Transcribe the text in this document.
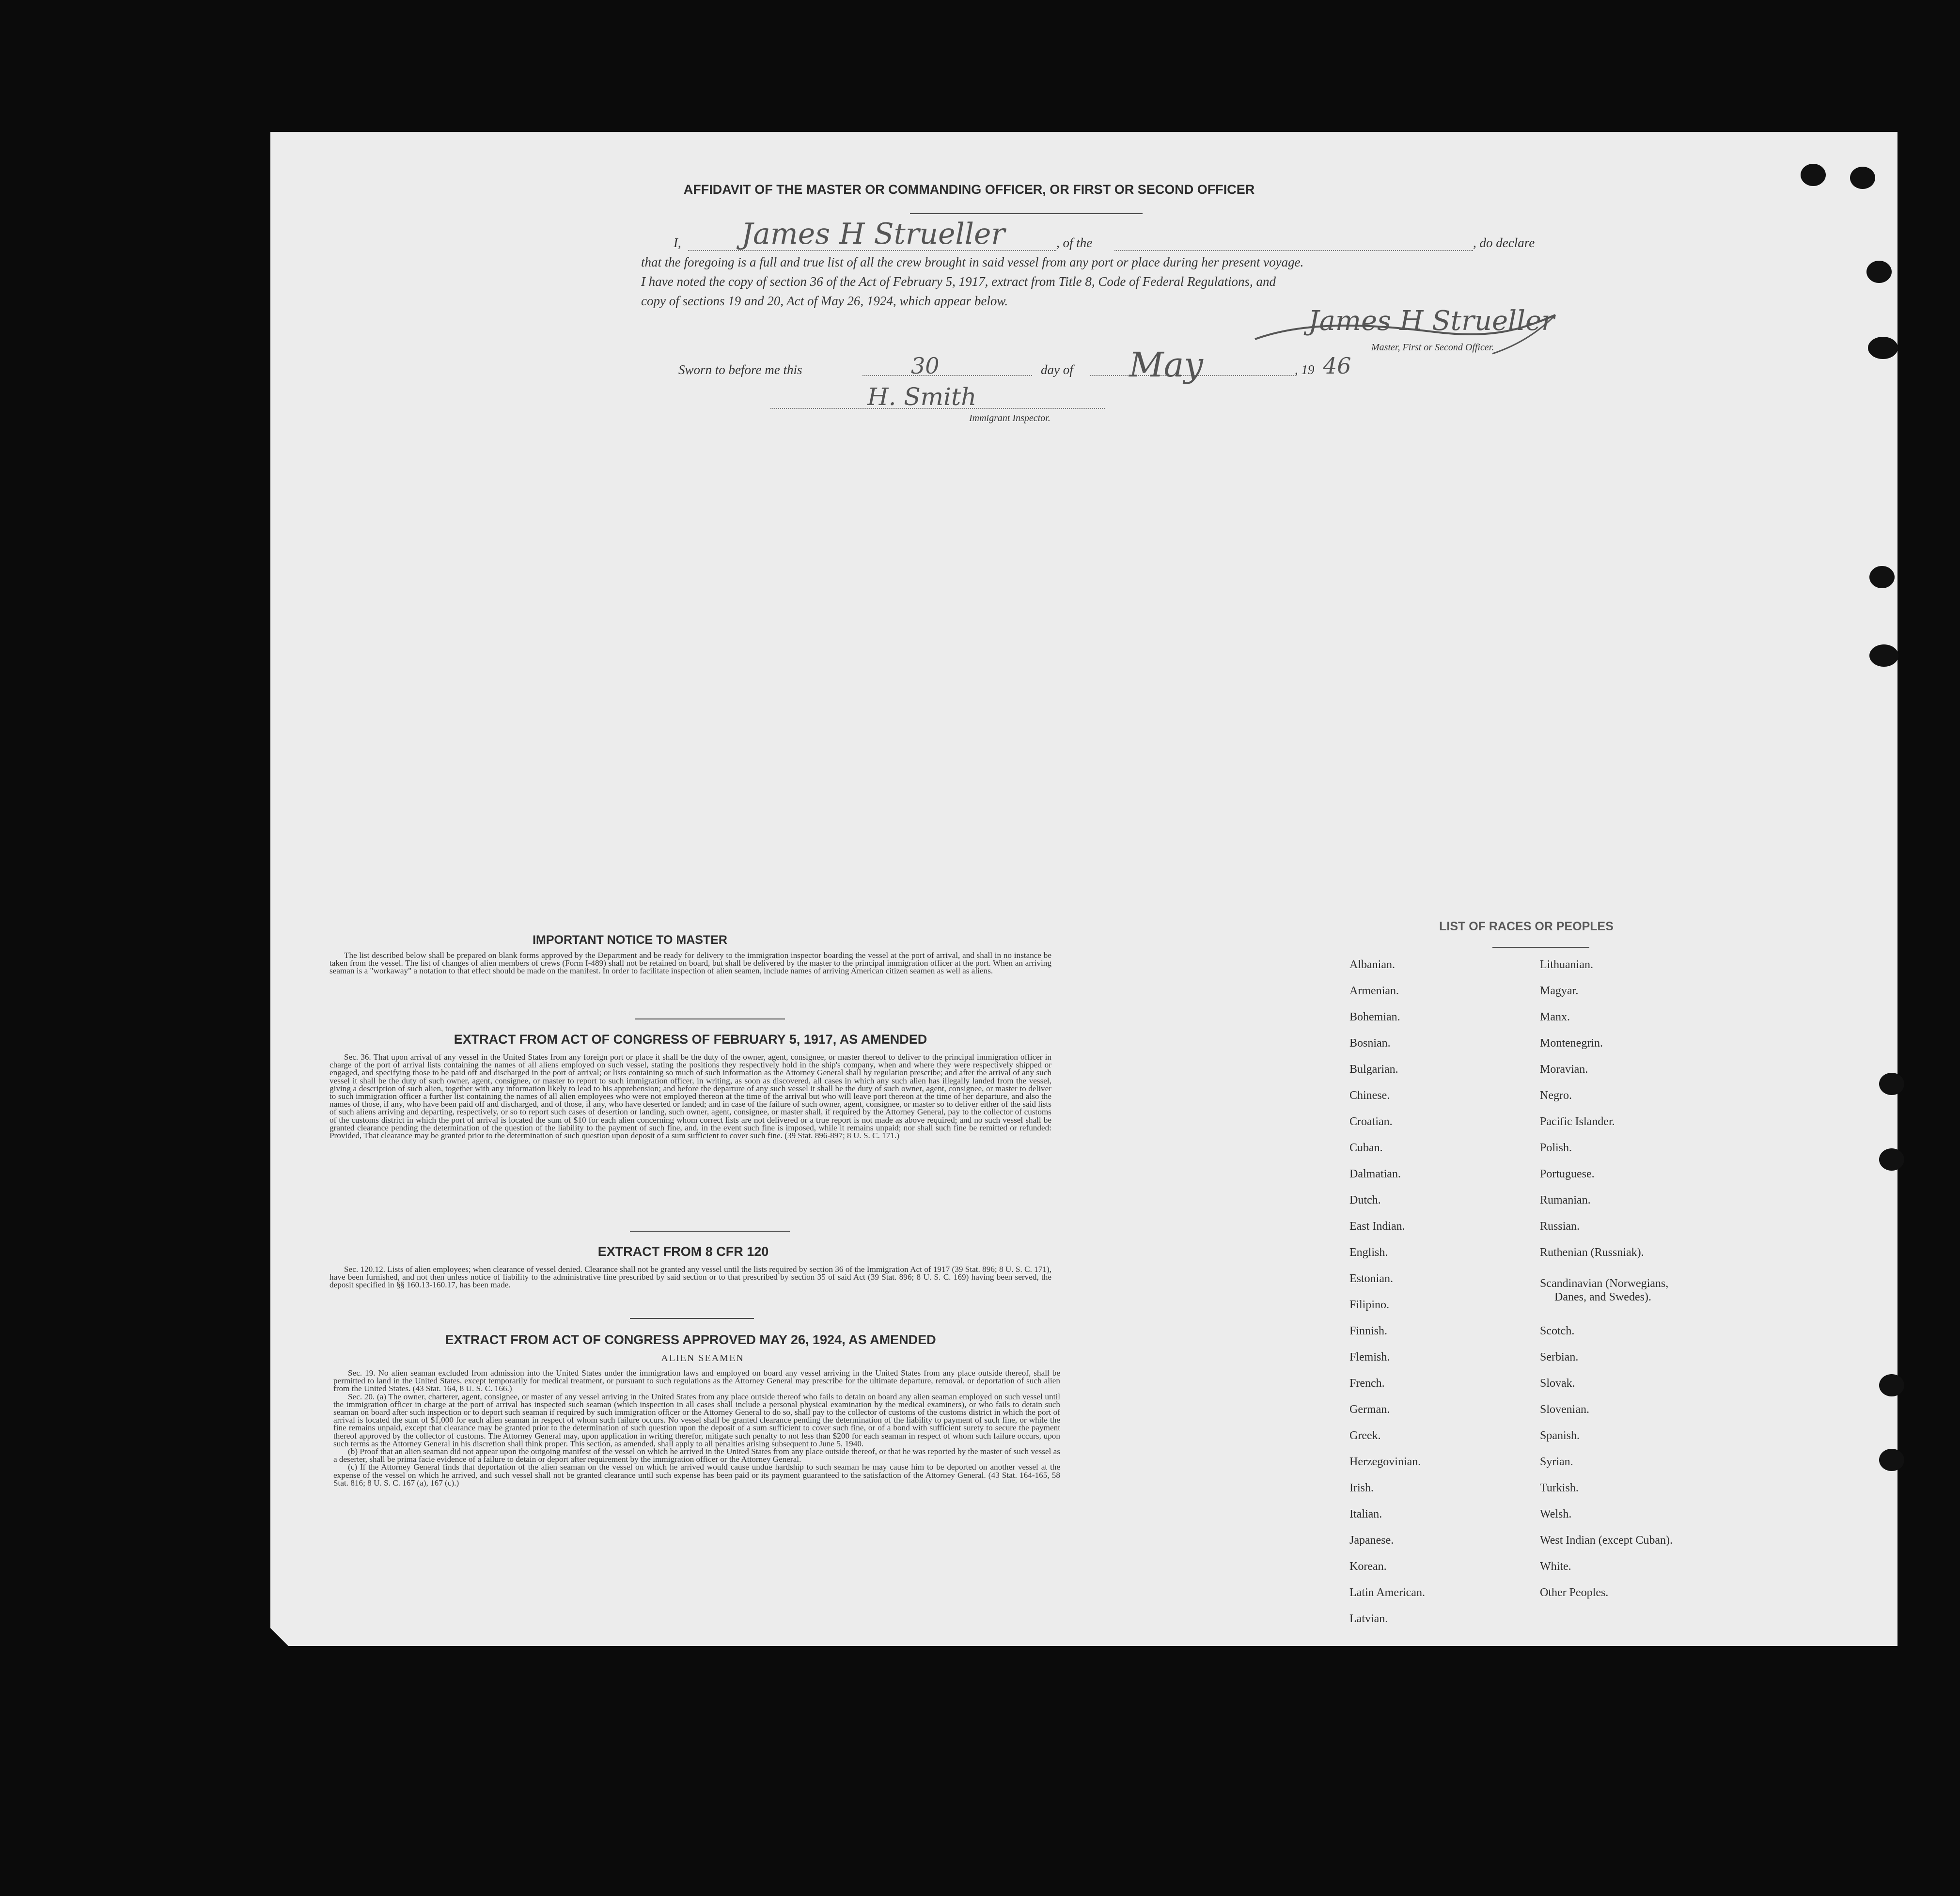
AFFIDAVIT OF THE MASTER OR COMMANDING OFFICER, OR FIRST OR SECOND OFFICER
I, James H Strueller	, of the	, do declare
that the foregoing is a full and true list of all the crew brought in said vessel from any port or place during her present voyage.
I have noted the copy of section 36 of the Act of February 5, 1917, extract from Title 8, Code of Federal Regulations, and
copy of sections 19 and 20, Act of May 26, 1924, which appear below.
James H Strueller
Master, First or Second Officer.
Sworn to before me this	30	day of May	, 19 46
H. Smith
Immigrant Inspector.
IMPORTANT NOTICE TO MASTER

The list described below shall be prepared on blank forms approved by the Department and be ready for delivery to the immigration inspector boarding the vessel at the port of arrival, and shall in no instance be taken from the vessel. The list of changes of alien members of crews (Form I-489) shall not be retained on board, but shall be delivered by the master to the principal immigration officer at the port. When an arriving seaman is a "workaway" a notation to that effect should be made on the manifest. In order to facilitate inspection of alien seamen, include names of arriving American citizen seamen as well as aliens.

EXTRACT FROM ACT OF CONGRESS OF FEBRUARY 5, 1917, AS AMENDED

Sec. 36. That upon arrival of any vessel in the United States from any foreign port or place it shall be the duty of the owner, agent, consignee, or master thereof to deliver to the principal immigration officer in charge of the port of arrival lists containing the names of all aliens employed on such vessel, stating the positions they respectively hold in the ship's company, when and where they were respectively shipped or engaged, and specifying those to be paid off and discharged in the port of arrival; or lists containing so much of such information as the Attorney General shall by regulation prescribe; and after the arrival of any such vessel it shall be the duty of such owner, agent, consignee, or master to report to such immigration officer, in writing, as soon as discovered, all cases in which any such alien has illegally landed from the vessel, giving a description of such alien, together with any information likely to lead to his apprehension; and before the departure of any such vessel it shall be the duty of such owner, agent, consignee, or master to deliver to such immigration officer a further list containing the names of all alien employees who were not employed thereon at the time of the arrival but who will leave port thereon at the time of her departure, and also the names of those, if any, who have been paid off and discharged, and of those, if any, who have deserted or landed; and in case of the failure of such owner, agent, consignee, or master so to deliver either of the said lists of such aliens arriving and departing, respectively, or so to report such cases of desertion or landing, such owner, agent, consignee, or master shall, if required by the Attorney General, pay to the collector of customs of the customs district in which the port of arrival is located the sum of $10 for each alien concerning whom correct lists are not delivered or a true report is not made as above required; and no such vessel shall be granted clearance pending the determination of the question of the liability to the payment of such fine, and, in the event such fine is imposed, while it remains unpaid; nor shall such fine be remitted or refunded: Provided, That clearance may be granted prior to the determination of such question upon deposit of a sum sufficient to cover such fine. (39 Stat. 896-897; 8 U. S. C. 171.)

EXTRACT FROM 8 CFR 120

Sec. 120.12. Lists of alien employees; when clearance of vessel denied. Clearance shall not be granted any vessel until the lists required by section 36 of the Immigration Act of 1917 (39 Stat. 896; 8 U. S. C. 171), have been furnished, and not then unless notice of liability to the administrative fine prescribed by said section or to that prescribed by section 35 of said Act (39 Stat. 896; 8 U. S. C. 169) having been served, the deposit specified in §§ 160.13-160.17, has been made.

EXTRACT FROM ACT OF CONGRESS APPROVED MAY 26, 1924, AS AMENDED
ALIEN SEAMEN

Sec. 19. No alien seaman excluded from admission into the United States under the immigration laws and employed on board any vessel arriving in the United States from any place outside thereof, shall be permitted to land in the United States, except temporarily for medical treatment, or pursuant to such regulations as the Attorney General may prescribe for the ultimate departure, removal, or deportation of such alien from the United States. (43 Stat. 164, 8 U. S. C. 166.)

Sec. 20. (a) The owner, charterer, agent, consignee, or master of any vessel arriving in the United States from any place outside thereof who fails to detain on board any alien seaman employed on such vessel until the immigration officer in charge at the port of arrival has inspected such seaman (which inspection in all cases shall include a personal physical examination by the medical examiners), or who fails to detain such seaman on board after such inspection or to deport such seaman if required by such immigration officer or the Attorney General to do so, shall pay to the collector of customs of the customs district in which the port of arrival is located the sum of $1,000 for each alien seaman in respect of whom such failure occurs. No vessel shall be granted clearance pending the determination of the liability to payment of such fine, or while the fine remains unpaid, except that clearance may be granted prior to the determination of such question upon the deposit of a sum sufficient to cover such fine, or of a bond with sufficient surety to secure the payment thereof approved by the collector of customs. The Attorney General may, upon application in writing therefor, mitigate such penalty to not less than $200 for each seaman in respect of whom such failure occurs, upon such terms as the Attorney General in his discretion shall think proper. This section, as amended, shall apply to all penalties arising subsequent to June 5, 1940.

(b) Proof that an alien seaman did not appear upon the outgoing manifest of the vessel on which he arrived in the United States from any place outside thereof, or that he was reported by the master of such vessel as a deserter, shall be prima facie evidence of a failure to detain or deport after requirement by the immigration officer or the Attorney General.

(c) If the Attorney General finds that deportation of the alien seaman on the vessel on which he arrived would cause undue hardship to such seaman he may cause him to be deported on another vessel at the expense of the vessel on which he arrived, and such vessel shall not be granted clearance until such expense has been paid or its payment guaranteed to the satisfaction of the Attorney General. (43 Stat. 164-165, 58 Stat. 816; 8 U. S. C. 167 (a), 167 (c).)

LIST OF RACES OR PEOPLES
Albanian.
Armenian.
Bohemian.
Bosnian.
Bulgarian.
Chinese.
Croatian.
Cuban.
Dalmatian.
Dutch.
East Indian.
English.
Estonian.
Filipino.
Finnish.
Flemish.
French.
German.
Greek.
Herzegovinian.
Irish.
Italian.
Japanese.
Korean.
Latin American.
Latvian.
Lithuanian.
Magyar.
Manx.
Montenegrin.
Moravian.
Negro.
Pacific Islander.
Polish.
Portuguese.
Rumanian.
Russian.
Ruthenian (Russniak).
Scandinavian (Norwegians,
Danes, and Swedes).
Scotch.
Serbian.
Slovak.
Slovenian.
Spanish.
Syrian.
Turkish.
Welsh.
West Indian (except Cuban).
White.
Other Peoples.
